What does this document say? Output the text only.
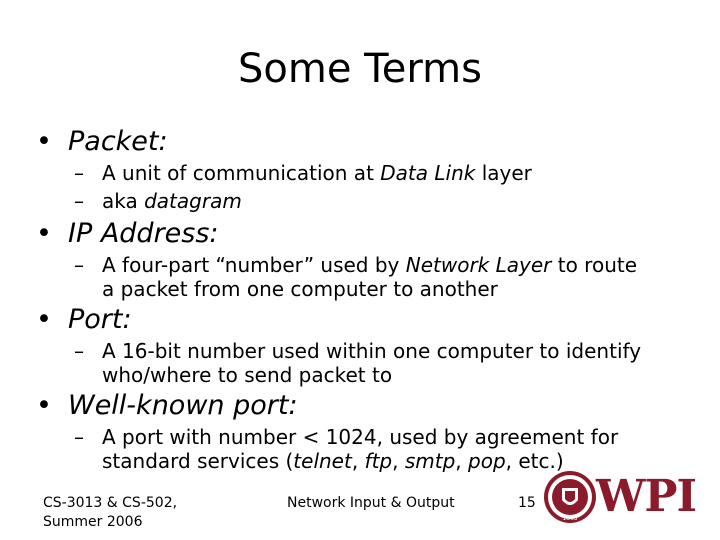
Some Terms
• Packet:
– A unit of communication at Data Link layer
– aka datagram
• IP Address:
– A four-part “number” used by Network Layer to route
a packet from one computer to another
• Port:
– A 16-bit number used within one computer to identify
who/where to send packet to
• Well-known port:
– A port with number < 1024, used by agreement for
standard services (telnet, ftp, smtp, pop, etc.)
CS-3013 & CS-502,
Summer 2006
Network Input & Output	15
1865 WPI
